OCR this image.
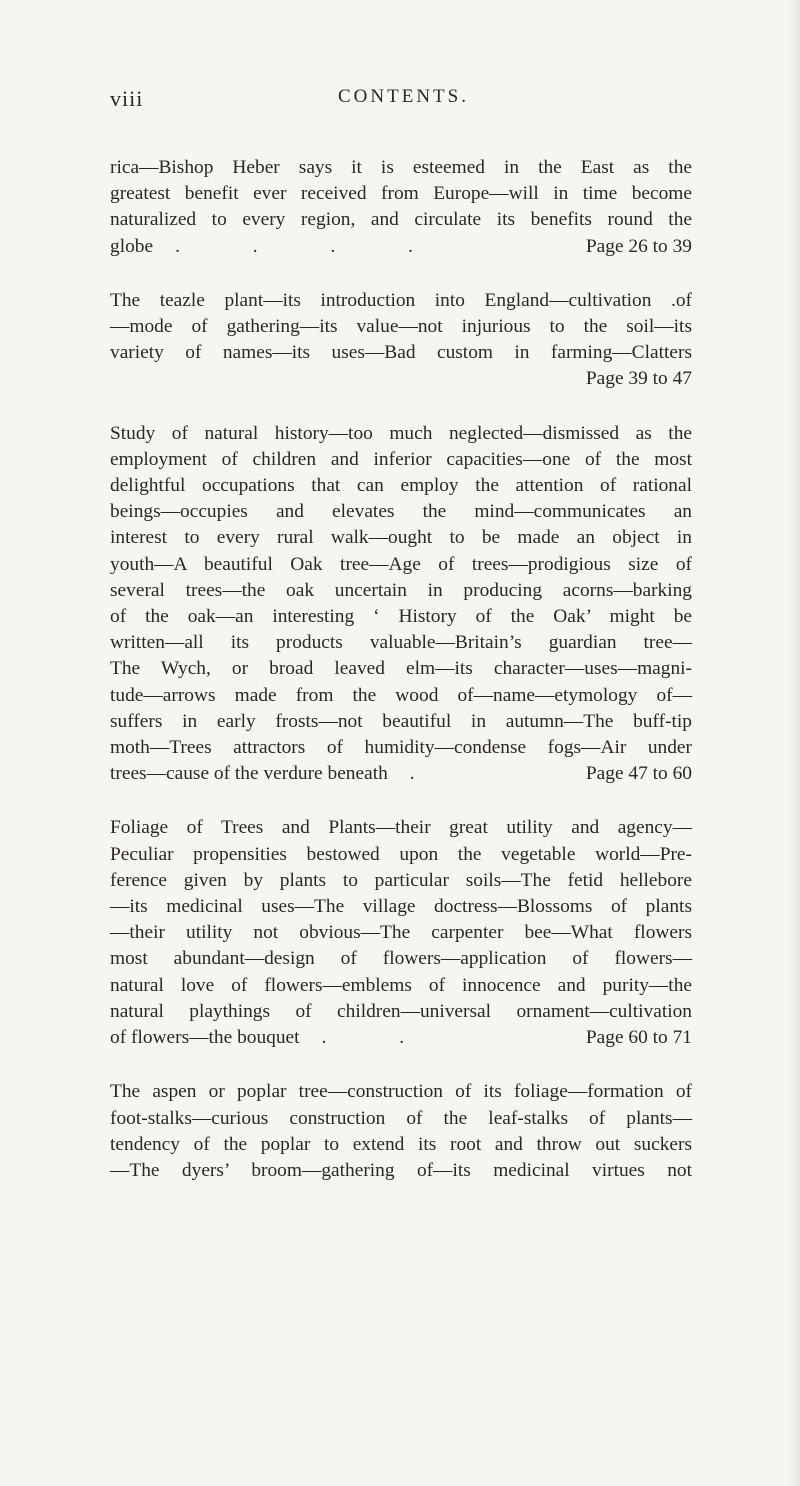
viii	CONTENTS.
rica—Bishop Heber says it is esteemed in the East as the
greatest benefit ever received from Europe—will in time become
naturalized to every region, and circulate its benefits round the
globe . . . .	Page 26 to 39
The teazle plant—its introduction into England—cultivation .of
—mode of gathering—its value—not injurious to the soil—its
variety of names—its uses—Bad custom in farming—Clatters
Page 39 to 47
Study of natural history—too much neglected—dismissed as the
employment of children and inferior capacities—one of the most
delightful occupations that can employ the attention of rational
beings—occupies and elevates the mind—communicates an
interest to every rural walk—ought to be made an object in
youth—A beautiful Oak tree—Age of trees—prodigious size of
several trees—the oak uncertain in producing acorns—barking
of the oak—an interesting ‘ History of the Oak’ might be
written—all its products valuable—Britain’s guardian tree—
The Wych, or broad leaved elm—its character—uses—magni-
tude—arrows made from the wood of—name—etymology of—
suffers in early frosts—not beautiful in autumn—The buff-tip
moth—Trees attractors of humidity—condense fogs—Air under
trees—cause of the verdure beneath .	Page 47 to 60
Foliage of Trees and Plants—their great utility and agency—
Peculiar propensities bestowed upon the vegetable world—Pre-
ference given by plants to particular soils—The fetid hellebore
—its medicinal uses—The village doctress—Blossoms of plants
—their utility not obvious—The carpenter bee—What flowers
most abundant—design of flowers—application of flowers—
natural love of flowers—emblems of innocence and purity—the
natural playthings of children—universal ornament—cultivation
of flowers—the bouquet . .	Page 60 to 71
The aspen or poplar tree—construction of its foliage—formation of
foot-stalks—curious construction of the leaf-stalks of plants—
tendency of the poplar to extend its root and throw out suckers
—The dyers’ broom—gathering of—its medicinal virtues not
